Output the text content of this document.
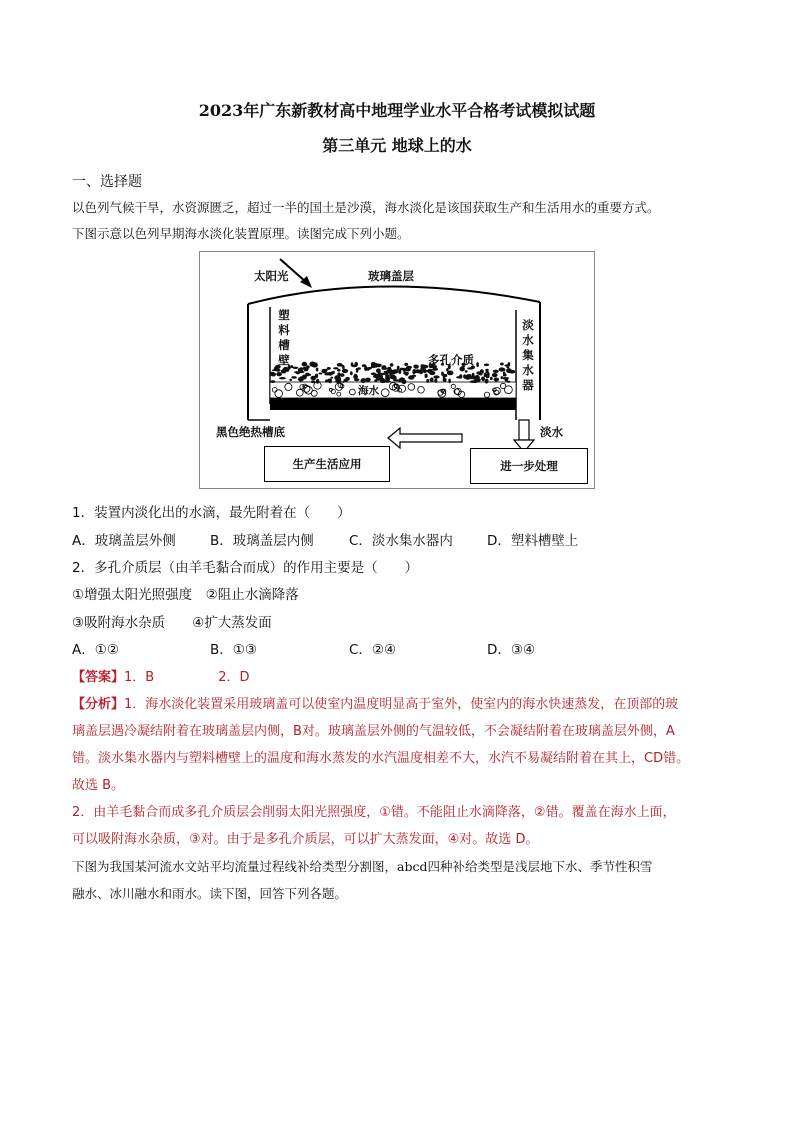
2023年广东新教材高中地理学业水平合格考试模拟试题
第三单元 地球上的水
一、选择题
以色列气候干旱，水资源匮乏，超过一半的国土是沙漠，海水淡化是该国获取生产和生活用水的重要方式。
下图示意以色列早期海水淡化装置原理。读图完成下列小题。
太阳光	玻璃盖层
塑料槽壁
淡水集水器
多孔介质
海水
黑色绝热槽底	淡水
生产生活应用	进一步处理
1．装置内淡化出的水滴，最先附着在（　　）
A．玻璃盖层外侧	B．玻璃盖层内侧	C．淡水集水器内	D．塑料槽壁上
2．多孔介质层（由羊毛黏合而成）的作用主要是（　　）
①增强太阳光照强度　②阻止水滴降落
③吸附海水杂质　　④扩大蒸发面
A．①②	B．①③	C．②④	D．③④
【答案】1．B	2．D
【分析】1．海水淡化装置采用玻璃盖可以使室内温度明显高于室外，使室内的海水快速蒸发，在顶部的玻
璃盖层遇冷凝结附着在玻璃盖层内侧，B对。玻璃盖层外侧的气温较低，不会凝结附着在玻璃盖层外侧，A
错。淡水集水器内与塑料槽壁上的温度和海水蒸发的水汽温度相差不大，水汽不易凝结附着在其上，CD错。
故选 B。
2．由羊毛黏合而成多孔介质层会削弱太阳光照强度，①错。不能阻止水滴降落，②错。覆盖在海水上面，
可以吸附海水杂质，③对。由于是多孔介质层，可以扩大蒸发面，④对。故选 D。
下图为我国某河流水文站平均流量过程线补给类型分割图，abcd四种补给类型是浅层地下水、季节性积雪
融水、冰川融水和雨水。读下图，回答下列各题。
